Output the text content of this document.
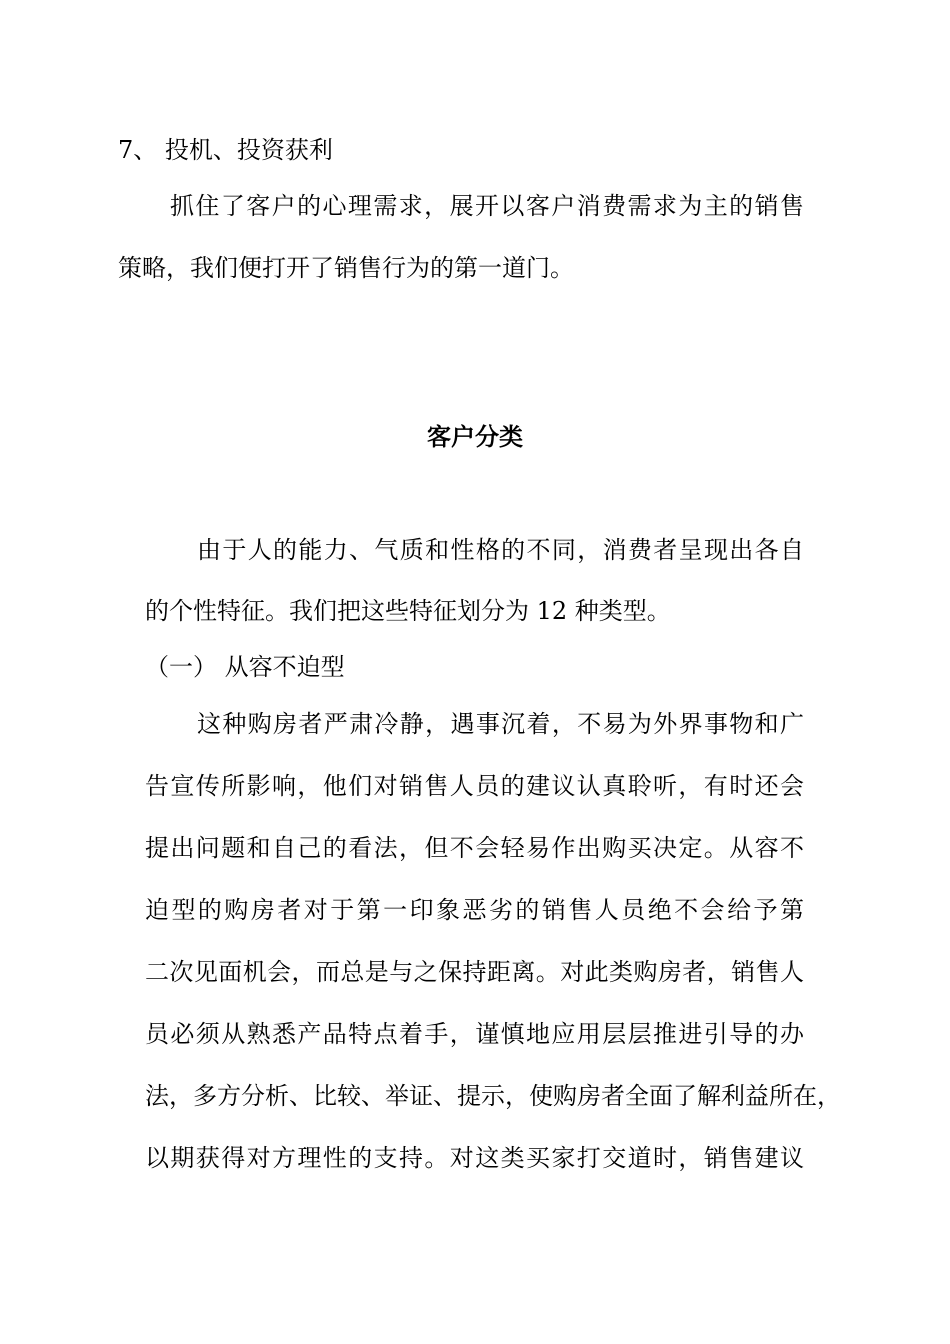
7、 投机、投资获利
抓住了客户的心理需求，展开以客户消费需求为主的销售
策略，我们便打开了销售行为的第一道门。
客户分类
由于人的能力、气质和性格的不同，消费者呈现出各自
的个性特征。我们把这些特征划分为 12 种类型。
（一） 从容不迫型
这种购房者严肃冷静，遇事沉着，不易为外界事物和广
告宣传所影响，他们对销售人员的建议认真聆听，有时还会
提出问题和自己的看法，但不会轻易作出购买决定。从容不
迫型的购房者对于第一印象恶劣的销售人员绝不会给予第
二次见面机会，而总是与之保持距离。对此类购房者，销售人
员必须从熟悉产品特点着手，谨慎地应用层层推进引导的办
法，多方分析、比较、举证、提示，使购房者全面了解利益所在，
以期获得对方理性的支持。对这类买家打交道时，销售建议
